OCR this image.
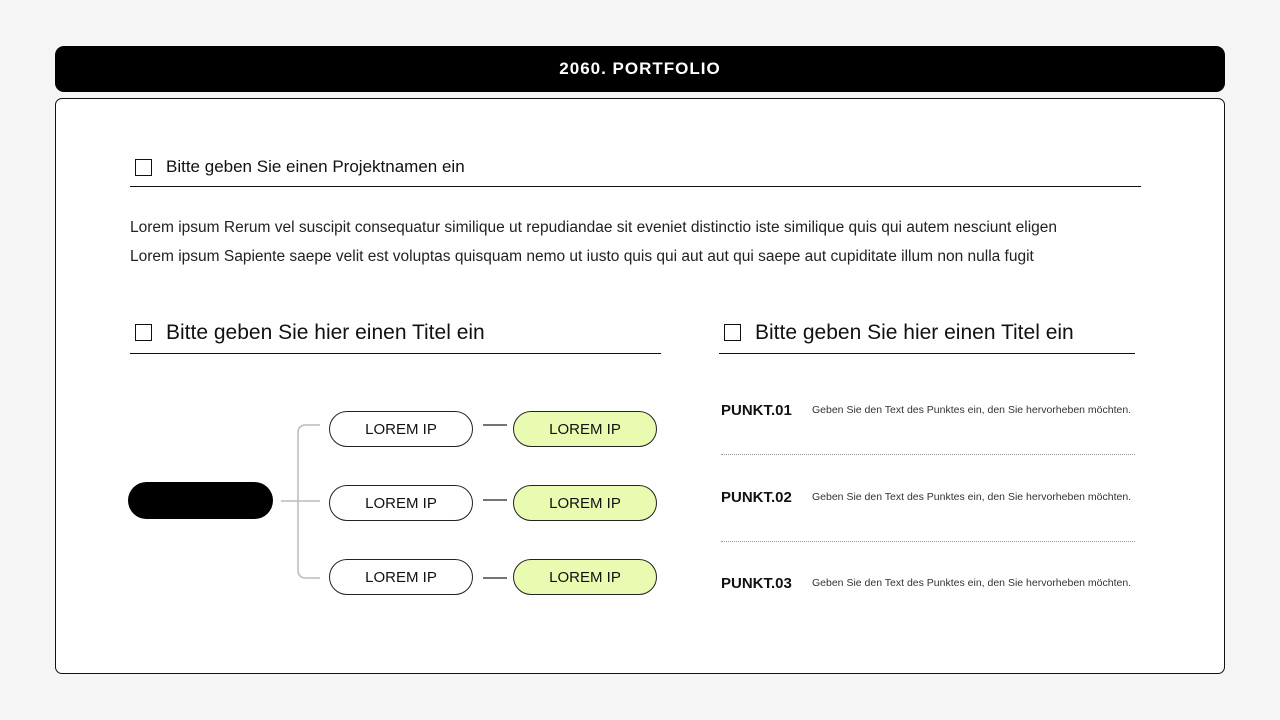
2060. PORTFOLIO
Bitte geben Sie einen Projektnamen ein
Lorem ipsum Rerum vel suscipit consequatur similique ut repudiandae sit eveniet distinctio iste similique quis qui autem nesciunt eligen
Lorem ipsum Sapiente saepe velit est voluptas quisquam nemo ut iusto quis qui aut aut qui saepe aut cupiditate illum non nulla fugit
Bitte geben Sie hier einen Titel ein	Bitte geben Sie hier einen Titel ein
LOREM IP	LOREM IP
LOREM IP	LOREM IP
LOREM IP	LOREM IP
PUNKT.01	Geben Sie den Text des Punktes ein, den Sie hervorheben möchten.
PUNKT.02	Geben Sie den Text des Punktes ein, den Sie hervorheben möchten.
PUNKT.03	Geben Sie den Text des Punktes ein, den Sie hervorheben möchten.
